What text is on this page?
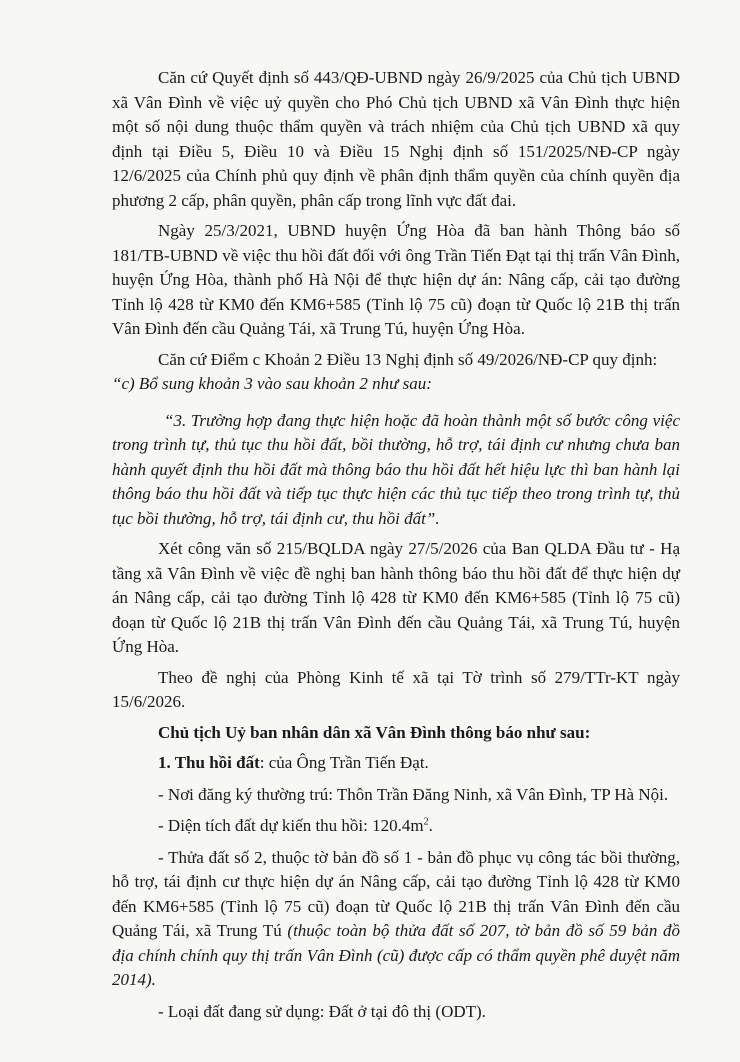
Căn cứ Quyết định số 443/QĐ-UBND ngày 26/9/2025 của Chủ tịch UBND xã Vân Đình về việc uỷ quyền cho Phó Chủ tịch UBND xã Vân Đình thực hiện một số nội dung thuộc thẩm quyền và trách nhiệm của Chủ tịch UBND xã quy định tại Điều 5, Điều 10 và Điều 15 Nghị định số 151/2025/NĐ-CP ngày 12/6/2025 của Chính phủ quy định về phân định thẩm quyền của chính quyền địa phương 2 cấp, phân quyền, phân cấp trong lĩnh vực đất đai.

Ngày 25/3/2021, UBND huyện Ứng Hòa đã ban hành Thông báo số 181/TB-UBND về việc thu hồi đất đối với ông Trần Tiến Đạt tại thị trấn Vân Đình, huyện Ứng Hòa, thành phố Hà Nội để thực hiện dự án: Nâng cấp, cải tạo đường Tỉnh lộ 428 từ KM0 đến KM6+585 (Tỉnh lộ 75 cũ) đoạn từ Quốc lộ 21B thị trấn Vân Đình đến cầu Quảng Tái, xã Trung Tú, huyện Ứng Hòa.

Căn cứ Điểm c Khoản 2 Điều 13 Nghị định số 49/2026/NĐ-CP quy định:

“c) Bổ sung khoản 3 vào sau khoản 2 như sau:

“3. Trường hợp đang thực hiện hoặc đã hoàn thành một số bước công việc trong trình tự, thủ tục thu hồi đất, bồi thường, hỗ trợ, tái định cư nhưng chưa ban hành quyết định thu hồi đất mà thông báo thu hồi đất hết hiệu lực thì ban hành lại thông báo thu hồi đất và tiếp tục thực hiện các thủ tục tiếp theo trong trình tự, thủ tục bồi thường, hỗ trợ, tái định cư, thu hồi đất”.

Xét công văn số 215/BQLDA ngày 27/5/2026 của Ban QLDA Đầu tư - Hạ tầng xã Vân Đình về việc đề nghị ban hành thông báo thu hồi đất để thực hiện dự án Nâng cấp, cải tạo đường Tỉnh lộ 428 từ KM0 đến KM6+585 (Tỉnh lộ 75 cũ) đoạn từ Quốc lộ 21B thị trấn Vân Đình đến cầu Quảng Tái, xã Trung Tú, huyện Ứng Hòa.

Theo đề nghị của Phòng Kinh tế xã tại Tờ trình số 279/TTr-KT ngày 15/6/2026.

Chủ tịch Uỷ ban nhân dân xã Vân Đình thông báo như sau:

1. Thu hồi đất: của Ông Trần Tiến Đạt.

- Nơi đăng ký thường trú: Thôn Trần Đăng Ninh, xã Vân Đình, TP Hà Nội.

- Diện tích đất dự kiến thu hồi: $120.4m^2$.

- Thửa đất số 2, thuộc tờ bản đồ số 1 - bản đồ phục vụ công tác bồi thường, hỗ trợ, tái định cư thực hiện dự án Nâng cấp, cải tạo đường Tỉnh lộ 428 từ KM0 đến KM6+585 (Tỉnh lộ 75 cũ) đoạn từ Quốc lộ 21B thị trấn Vân Đình đến cầu Quảng Tái, xã Trung Tú (thuộc toàn bộ thửa đất số 207, tờ bản đồ số 59 bản đồ địa chính chính quy thị trấn Vân Đình (cũ) được cấp có thẩm quyền phê duyệt năm 2014).

- Loại đất đang sử dụng: Đất ở tại đô thị (ODT).
